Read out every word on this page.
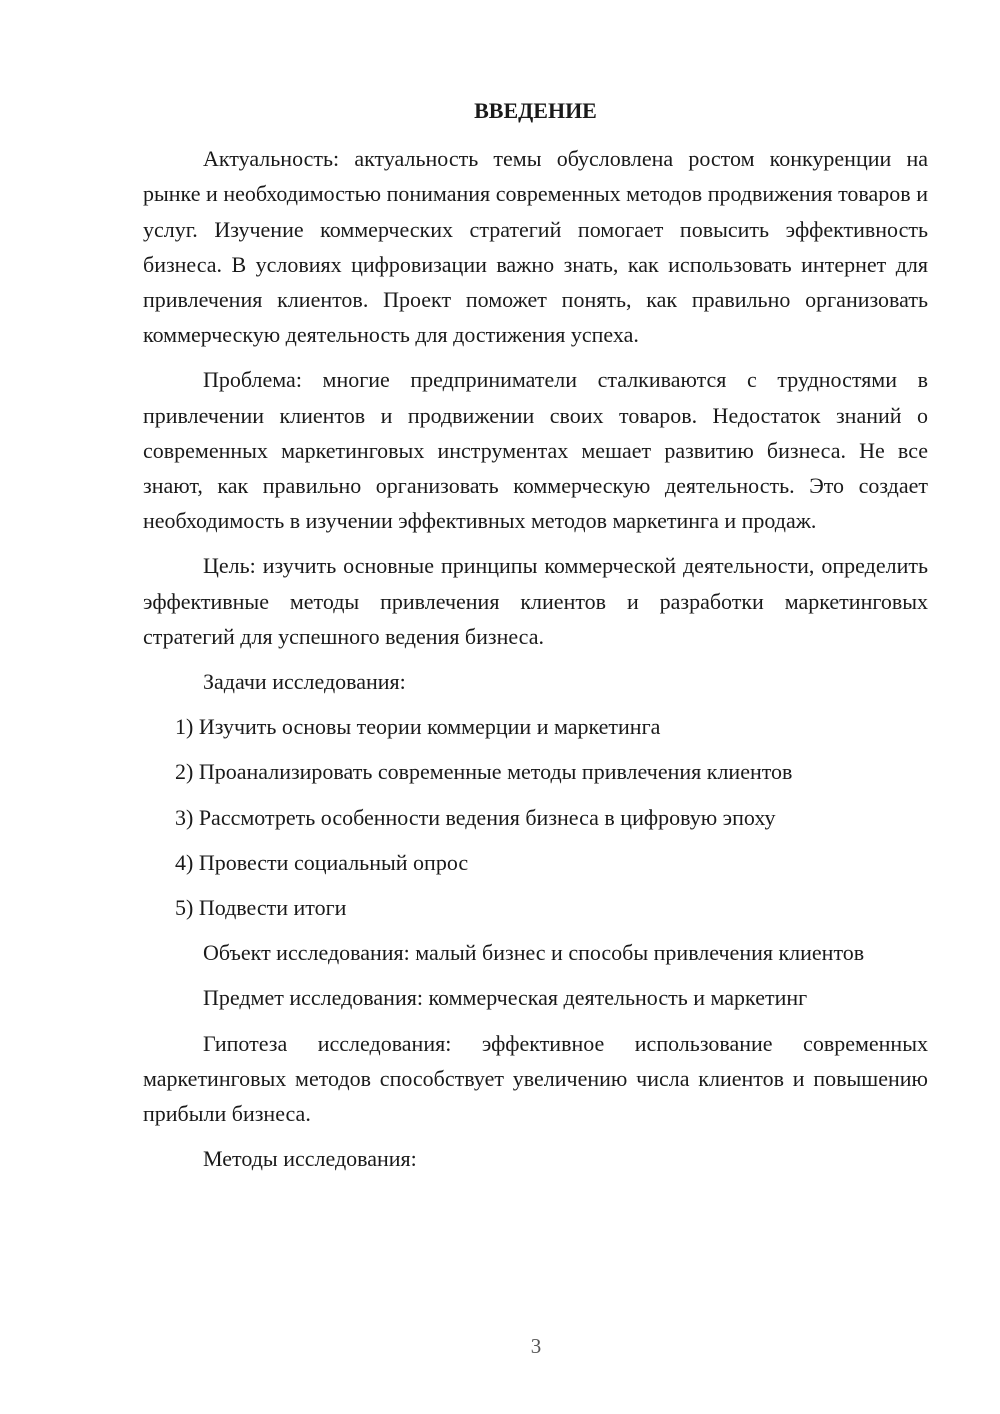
ВВЕДЕНИЕ

Актуальность: актуальность темы обусловлена ростом конкуренции на рынке и необходимостью понимания современных методов продвижения товаров и услуг. Изучение коммерческих стратегий помогает повысить эффективность бизнеса. В условиях цифровизации важно знать, как использовать интернет для привлечения клиентов. Проект поможет понять, как правильно организовать коммерческую деятельность для достижения успеха.

Проблема: многие предприниматели сталкиваются с трудностями в привлечении клиентов и продвижении своих товаров. Недостаток знаний о современных маркетинговых инструментах мешает развитию бизнеса. Не все знают, как правильно организовать коммерческую деятельность. Это создает необходимость в изучении эффективных методов маркетинга и продаж.

Цель: изучить основные принципы коммерческой деятельности, определить эффективные методы привлечения клиентов и разработки маркетинговых стратегий для успешного ведения бизнеса.

Задачи исследования:

1) Изучить основы теории коммерции и маркетинга

2) Проанализировать современные методы привлечения клиентов

3) Рассмотреть особенности ведения бизнеса в цифровую эпоху

4) Провести социальный опрос

5) Подвести итоги

Объект исследования: малый бизнес и способы привлечения клиентов

Предмет исследования: коммерческая деятельность и маркетинг

Гипотеза исследования: эффективное использование современных маркетинговых методов способствует увеличению числа клиентов и повышению прибыли бизнеса.

Методы исследования:

3
